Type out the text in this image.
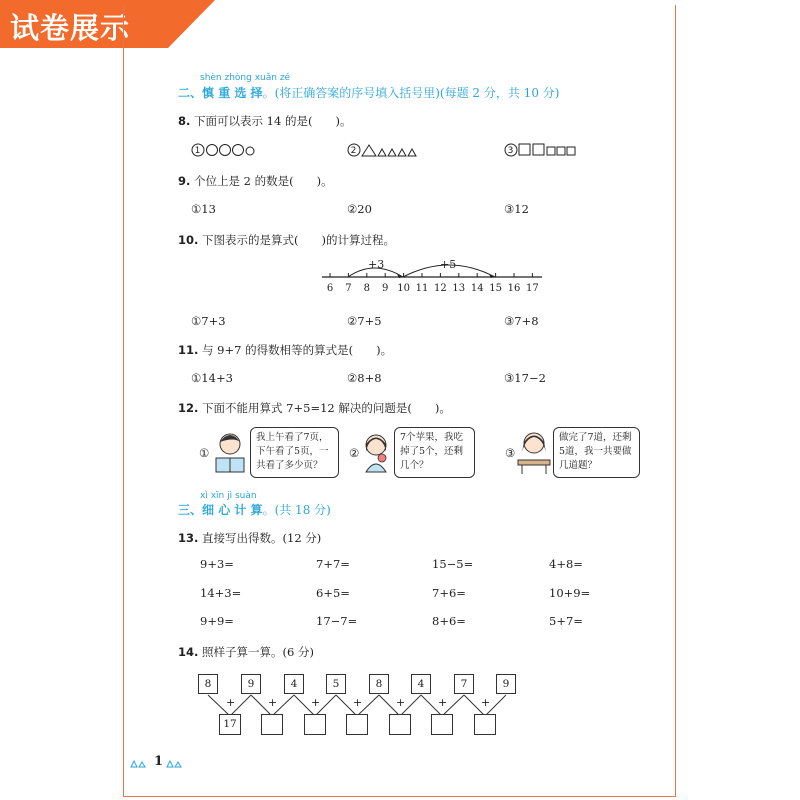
试卷展示
shèn zhòng xuǎn zé
二、慎 重 选 择。(将正确答案的序号填入括号里)(每题 2 分，共 10 分)
8. 下面可以表示 14 的是(　　)。
1	2	3
9. 个位上是 2 的数是(　　)。
①13	②20	③12
10. 下图表示的是算式(　　)的计算过程。
+3	+5
6 7 8 9 10 11 12 13 14 15 16 17
①7+3	②7+5	③7+8
11. 与 9+7 的得数相等的算式是(　　)。
①14+3	②8+8	③17−2
12. 下面不能用算式 7+5=12 解决的问题是(　　)。
①
我上午看了7页，下午看了5页，一共看了多少页？
②
7个苹果，我吃掉了5个，还剩几个？
③
做完了7道，还剩5道，我一共要做几道题？
xì xīn jì suàn
三、细 心 计 算。(共 18 分)
13. 直接写出得数。(12 分)
9+3=	7+7=	15−5=	4+8=
14+3=	6+5=	7+6=	10+9=
9+9=	17−7=	8+6=	5+7=
14. 照样子算一算。(6 分)
8	9	4	5	8	4	7	9
+	+	+	+	+	+	+
17
1
